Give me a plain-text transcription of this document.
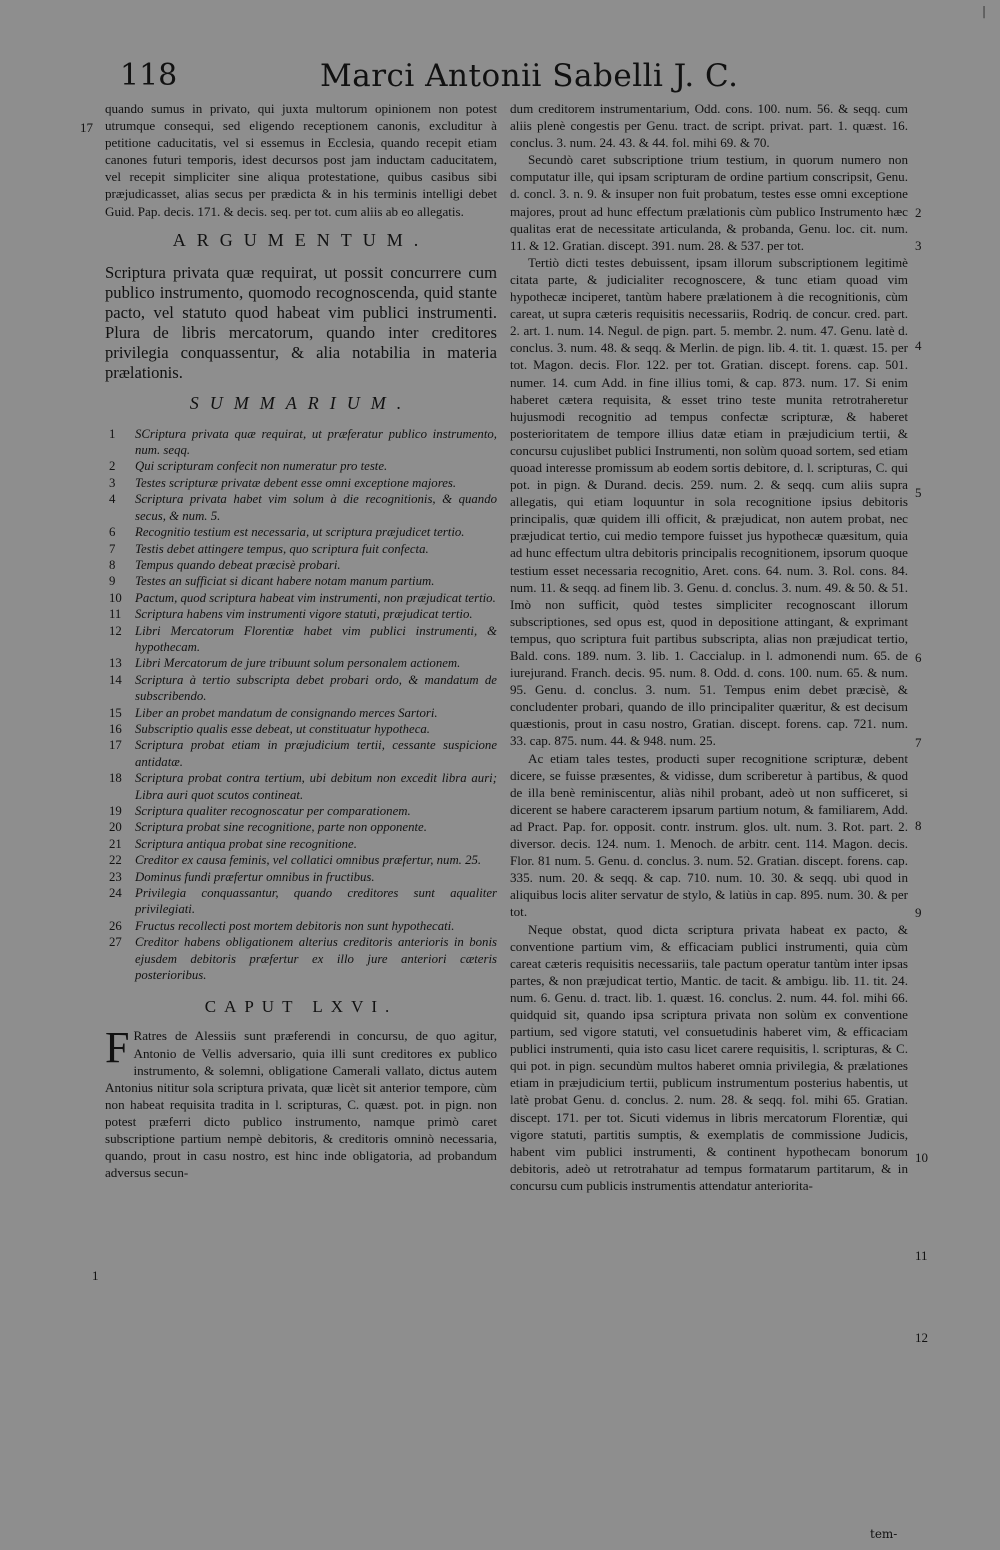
|
118	Marci Antonii Sabelli J. C.

quando sumus in privato, qui juxta multorum opinionem non potest utrumque consequi, sed eligendo receptionem canonis, excluditur à petitione caducitatis, vel si essemus in Ecclesia, quando recepit etiam canones futuri temporis, idest decursos post jam inductam caducitatem, vel recepit simpliciter sine aliqua protestatione, quibus casibus sibi præjudicasset, alias secus per prædicta & in his terminis intelligi debet Guid. Pap. decis. 171. & decis. seq. per tot. cum aliis ab eo allegatis.

ARGUMENTUM.

Scriptura privata quæ requirat, ut possit concurrere cum publico instrumento, quomodo recognoscenda, quid stante pacto, vel statuto quod habeat vim publici instrumenti. Plura de libris mercatorum, quando inter creditores privilegia conquassentur, & alia notabilia in materia prælationis.

SUMMARIUM.
1 SCriptura privata quæ requirat, ut præferatur publico instrumento, num. seqq.
2 Qui scripturam confecit non numeratur pro teste.
3 Testes scripturæ privatæ debent esse omni exceptione majores.
4 Scriptura privata habet vim solum à die recognitionis, & quando secus, & num. 5.
6 Recognitio testium est necessaria, ut scriptura præjudicet tertio.
7 Testis debet attingere tempus, quo scriptura fuit confecta.
8 Tempus quando debeat præcisè probari.
9 Testes an sufficiat si dicant habere notam manum partium.
10 Pactum, quod scriptura habeat vim instrumenti, non præjudicat tertio.
11 Scriptura habens vim instrumenti vigore statuti, præjudicat tertio.
12 Libri Mercatorum Florentiæ habet vim publici instrumenti, & hypothecam.
13 Libri Mercatorum de jure tribuunt solum personalem actionem.
14 Scriptura à tertio subscripta debet probari ordo, & mandatum de subscribendo.
15 Liber an probet mandatum de consignando merces Sartori.
16 Subscriptio qualis esse debeat, ut constituatur hypotheca.
17 Scriptura probat etiam in præjudicium tertii, cessante suspicione antidatæ.
18 Scriptura probat contra tertium, ubi debitum non excedit libra auri; Libra auri quot scutos contineat.
19 Scriptura qualiter recognoscatur per comparationem.
20 Scriptura probat sine recognitione, parte non opponente.
21 Scriptura antiqua probat sine recognitione.
22 Creditor ex causa feminis, vel collatici omnibus præfertur, num. 25.
23 Dominus fundi præfertur omnibus in fructibus.
24 Privilegia conquassantur, quando creditores sunt aqualiter privilegiati.
26 Fructus recollecti post mortem debitoris non sunt hypothecati.
27 Creditor habens obligationem alterius creditoris anterioris in bonis ejusdem debitoris præfertur ex illo jure anteriori cæteris posterioribus.
CAPUT LXVI.

F Ratres de Alessiis sunt præferendi in concursu, de quo agitur, Antonio de Vellis adversario, quia illi sunt creditores ex publico instrumento, & solemni, obligatione Camerali vallato, dictus autem Antonius nititur sola scriptura privata, quæ licèt sit anterior tempore, cùm non habeat requisita tradita in l. scripturas, C. quæst. pot. in pign. non potest præferri dicto publico instrumento, namque primò caret subscriptione partium nempè debitoris, & creditoris omninò necessaria, quando, prout in casu nostro, est hinc inde obligatoria, ad probandum adversus secun-

dum creditorem instrumentarium, Odd. cons. 100. num. 56. & seqq. cum aliis plenè congestis per Genu. tract. de script. privat. part. 1. quæst. 16. conclus. 3. num. 24. 43. & 44. fol. mihi 69. & 70.

Secundò caret subscriptione trium testium, in quorum numero non computatur ille, qui ipsam scripturam de ordine partium conscripsit, Genu. d. concl. 3. n. 9. & insuper non fuit probatum, testes esse omni exceptione majores, prout ad hunc effectum prælationis cùm publico Instrumento hæc qualitas erat de necessitate articulanda, & probanda, Genu. loc. cit. num. 11. & 12. Gratian. discept. 391. num. 28. & 537. per tot.

Tertiò dicti testes debuissent, ipsam illorum subscriptionem legitimè citata parte, & judicialiter recognoscere, & tunc etiam quoad vim hypothecæ inciperet, tantùm habere prælationem à die recognitionis, cùm careat, ut supra cæteris requisitis necessariis, Rodriq. de concur. cred. part. 2. art. 1. num. 14. Negul. de pign. part. 5. membr. 2. num. 47. Genu. latè d. conclus. 3. num. 48. & seqq. & Merlin. de pign. lib. 4. tit. 1. quæst. 15. per tot. Magon. decis. Flor. 122. per tot. Gratian. discept. forens. cap. 501. numer. 14. cum Add. in fine illius tomi, & cap. 873. num. 17. Si enim haberet cætera requisita, & esset trino teste munita retrotraheretur hujusmodi recognitio ad tempus confectæ scripturæ, & haberet posterioritatem de tempore illius datæ etiam in præjudicium tertii, & concursu cujuslibet publici Instrumenti, non solùm quoad sortem, sed etiam quoad interesse promissum ab eodem sortis debitore, d. l. scripturas, C. qui pot. in pign. & Durand. decis. 259. num. 2. & seqq. cum aliis supra allegatis, qui etiam loquuntur in sola recognitione ipsius debitoris principalis, quæ quidem illi officit, & præjudicat, non autem probat, nec præjudicat tertio, cui medio tempore fuisset jus hypothecæ quæsitum, quia ad hunc effectum ultra debitoris principalis recognitionem, ipsorum quoque testium esset necessaria recognitio, Aret. cons. 64. num. 3. Rol. cons. 84. num. 11. & seqq. ad finem lib. 3. Genu. d. conclus. 3. num. 49. & 50. & 51. Imò non sufficit, quòd testes simpliciter recognoscant illorum subscriptiones, sed opus est, quod in depositione attingant, & exprimant tempus, quo scriptura fuit partibus subscripta, alias non præjudicat tertio, Bald. cons. 189. num. 3. lib. 1. Caccialup. in l. admonendi num. 65. de iurejurand. Franch. decis. 95. num. 8. Odd. d. cons. 100. num. 65. & num. 95. Genu. d. conclus. 3. num. 51. Tempus enim debet præcisè, & concludenter probari, quando de illo principaliter quæritur, & est decisum quæstionis, prout in casu nostro, Gratian. discept. forens. cap. 721. num. 33. cap. 875. num. 44. & 948. num. 25.

Ac etiam tales testes, producti super recognitione scripturæ, debent dicere, se fuisse præsentes, & vidisse, dum scriberetur à partibus, & quod de illa benè reminiscentur, aliàs nihil probant, adeò ut non sufficeret, si dicerent se habere caracterem ipsarum partium notum, & familiarem, Add. ad Pract. Pap. for. opposit. contr. instrum. glos. ult. num. 3. Rot. part. 2. diversor. decis. 124. num. 1. Menoch. de arbitr. cent. 114. Magon. decis. Flor. 81 num. 5. Genu. d. conclus. 3. num. 52. Gratian. discept. forens. cap. 335. num. 20. & seqq. & cap. 710. num. 10. 30. & seqq. ubi quod in aliquibus locis aliter servatur de stylo, & latiùs in cap. 895. num. 30. & per tot.

Neque obstat, quod dicta scriptura privata habeat ex pacto, & conventione partium vim, & efficaciam publici instrumenti, quia cùm careat cæteris requisitis necessariis, tale pactum operatur tantùm inter ipsas partes, & non præjudicat tertio, Mantic. de tacit. & ambigu. lib. 11. tit. 24. num. 6. Genu. d. tract. lib. 1. quæst. 16. conclus. 2. num. 44. fol. mihi 66. quidquid sit, quando ipsa scriptura privata non solùm ex conventione partium, sed vigore statuti, vel consuetudinis haberet vim, & efficaciam publici instrumenti, quia isto casu licet carere requisitis, l. scripturas, & C. qui pot. in pign. secundùm multos haberet omnia privilegia, & prælationes etiam in præjudicium tertii, publicum instrumentum posterius habentis, ut latè probat Genu. d. conclus. 2. num. 28. & seqq. fol. mihi 65. Gratian. discept. 171. per tot. Sicuti videmus in libris mercatorum Florentiæ, qui vigore statuti, partitis sumptis, & exemplatis de commissione Judicis, habent vim publici instrumenti, & continent hypothecam bonorum debitoris, adeò ut retrotrahatur ad tempus formatarum partitarum, & in concursu cum publicis instrumentis attendatur anteriorita-

17
1
2
3
4
5
6
7
8
9
10
11
12
tem-
